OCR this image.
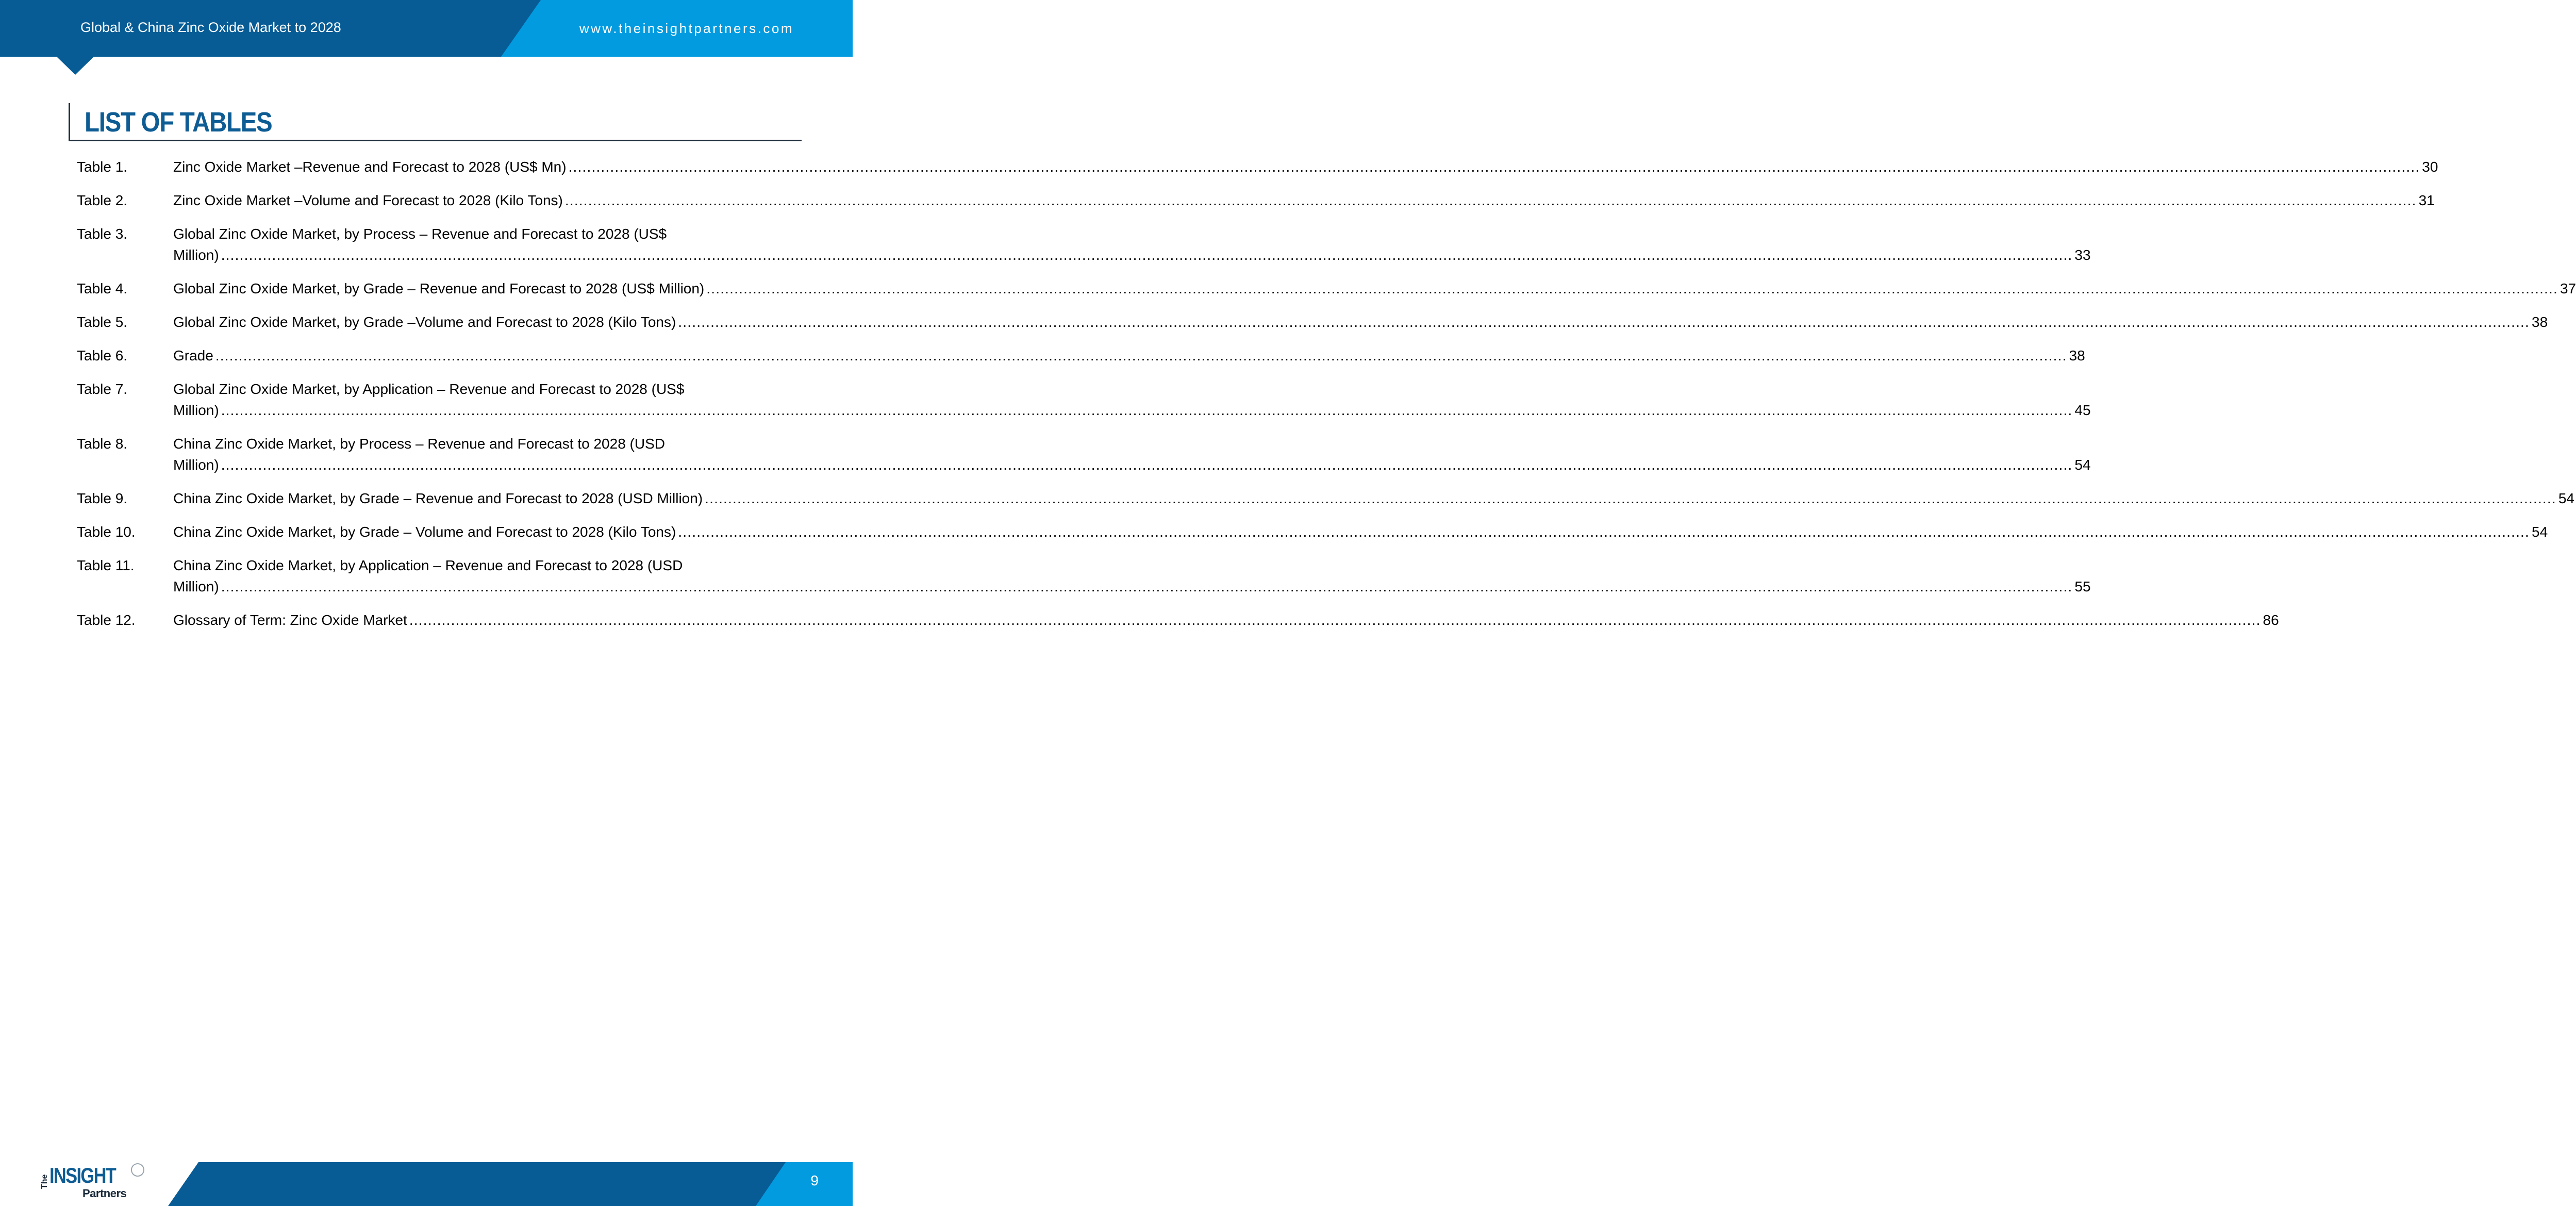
Global & China Zinc Oxide Market to 2028	www.theinsightpartners.com
LIST OF TABLES
Table 1.	Zinc Oxide Market –Revenue and Forecast to 2028 (US$ Mn) ................................................................................................................................................................................................................................................................................................................................................................................................................ 30
Table 2.	Zinc Oxide Market –Volume and Forecast to 2028 (Kilo Tons) ................................................................................................................................................................................................................................................................................................................................................................................................................ 31
Table 3.	Global Zinc Oxide Market, by Process – Revenue and Forecast to 2028 (US$
Million) ................................................................................................................................................................................................................................................................................................................................................................................................................ 33
Table 4.	Global Zinc Oxide Market, by Grade – Revenue and Forecast to 2028 (US$ Million) ................................................................................................................................................................................................................................................................................................................................................................................................................ 37
Table 5.	Global Zinc Oxide Market, by Grade –Volume and Forecast to 2028 (Kilo Tons) ................................................................................................................................................................................................................................................................................................................................................................................................................ 38
Table 6.	Grade ................................................................................................................................................................................................................................................................................................................................................................................................................ 38
Table 7.	Global Zinc Oxide Market, by Application – Revenue and Forecast to 2028 (US$
Million) ................................................................................................................................................................................................................................................................................................................................................................................................................ 45
Table 8.	China Zinc Oxide Market, by Process – Revenue and Forecast to 2028 (USD
Million) ................................................................................................................................................................................................................................................................................................................................................................................................................ 54
Table 9.	China Zinc Oxide Market, by Grade – Revenue and Forecast to 2028 (USD Million) ................................................................................................................................................................................................................................................................................................................................................................................................................ 54
Table 10.	China Zinc Oxide Market, by Grade – Volume and Forecast to 2028 (Kilo Tons) ................................................................................................................................................................................................................................................................................................................................................................................................................ 54
Table 11.	China Zinc Oxide Market, by Application – Revenue and Forecast to 2028 (USD
Million) ................................................................................................................................................................................................................................................................................................................................................................................................................ 55
Table 12.	Glossary of Term: Zinc Oxide Market ................................................................................................................................................................................................................................................................................................................................................................................................................ 86
9
The INSIGHT
Partners
